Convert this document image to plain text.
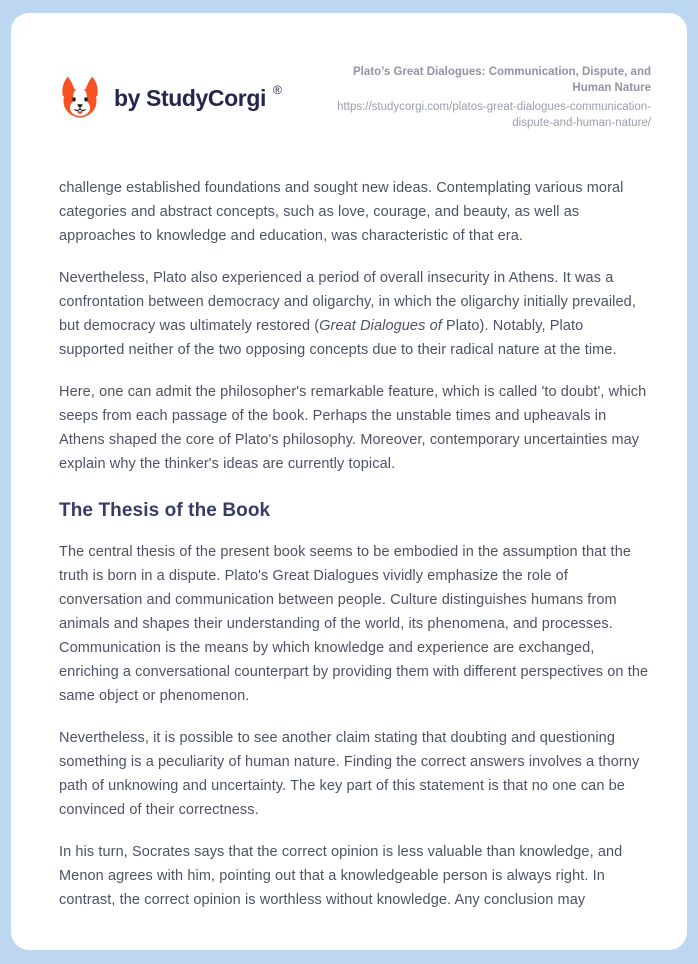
by StudyCorgi ®
Plato’s Great Dialogues: Communication, Dispute, and Human Nature
https://studycorgi.com/platos-great-dialogues-communication-dispute-and-human-nature/

challenge established foundations and sought new ideas. Contemplating various moral categories and abstract concepts, such as love, courage, and beauty, as well as approaches to knowledge and education, was characteristic of that era.

Nevertheless, Plato also experienced a period of overall insecurity in Athens. It was a confrontation between democracy and oligarchy, in which the oligarchy initially prevailed, but democracy was ultimately restored (Great Dialogues of Plato). Notably, Plato supported neither of the two opposing concepts due to their radical nature at the time.

Here, one can admit the philosopher's remarkable feature, which is called 'to doubt', which seeps from each passage of the book. Perhaps the unstable times and upheavals in Athens shaped the core of Plato's philosophy. Moreover, contemporary uncertainties may explain why the thinker's ideas are currently topical.

The Thesis of the Book

The central thesis of the present book seems to be embodied in the assumption that the truth is born in a dispute. Plato's Great Dialogues vividly emphasize the role of conversation and communication between people. Culture distinguishes humans from animals and shapes their understanding of the world, its phenomena, and processes. Communication is the means by which knowledge and experience are exchanged, enriching a conversational counterpart by providing them with different perspectives on the same object or phenomenon.

Nevertheless, it is possible to see another claim stating that doubting and questioning something is a peculiarity of human nature. Finding the correct answers involves a thorny path of unknowing and uncertainty. The key part of this statement is that no one can be convinced of their correctness.

In his turn, Socrates says that the correct opinion is less valuable than knowledge, and Menon agrees with him, pointing out that a knowledgeable person is always right. In contrast, the correct opinion is worthless without knowledge. Any conclusion may
